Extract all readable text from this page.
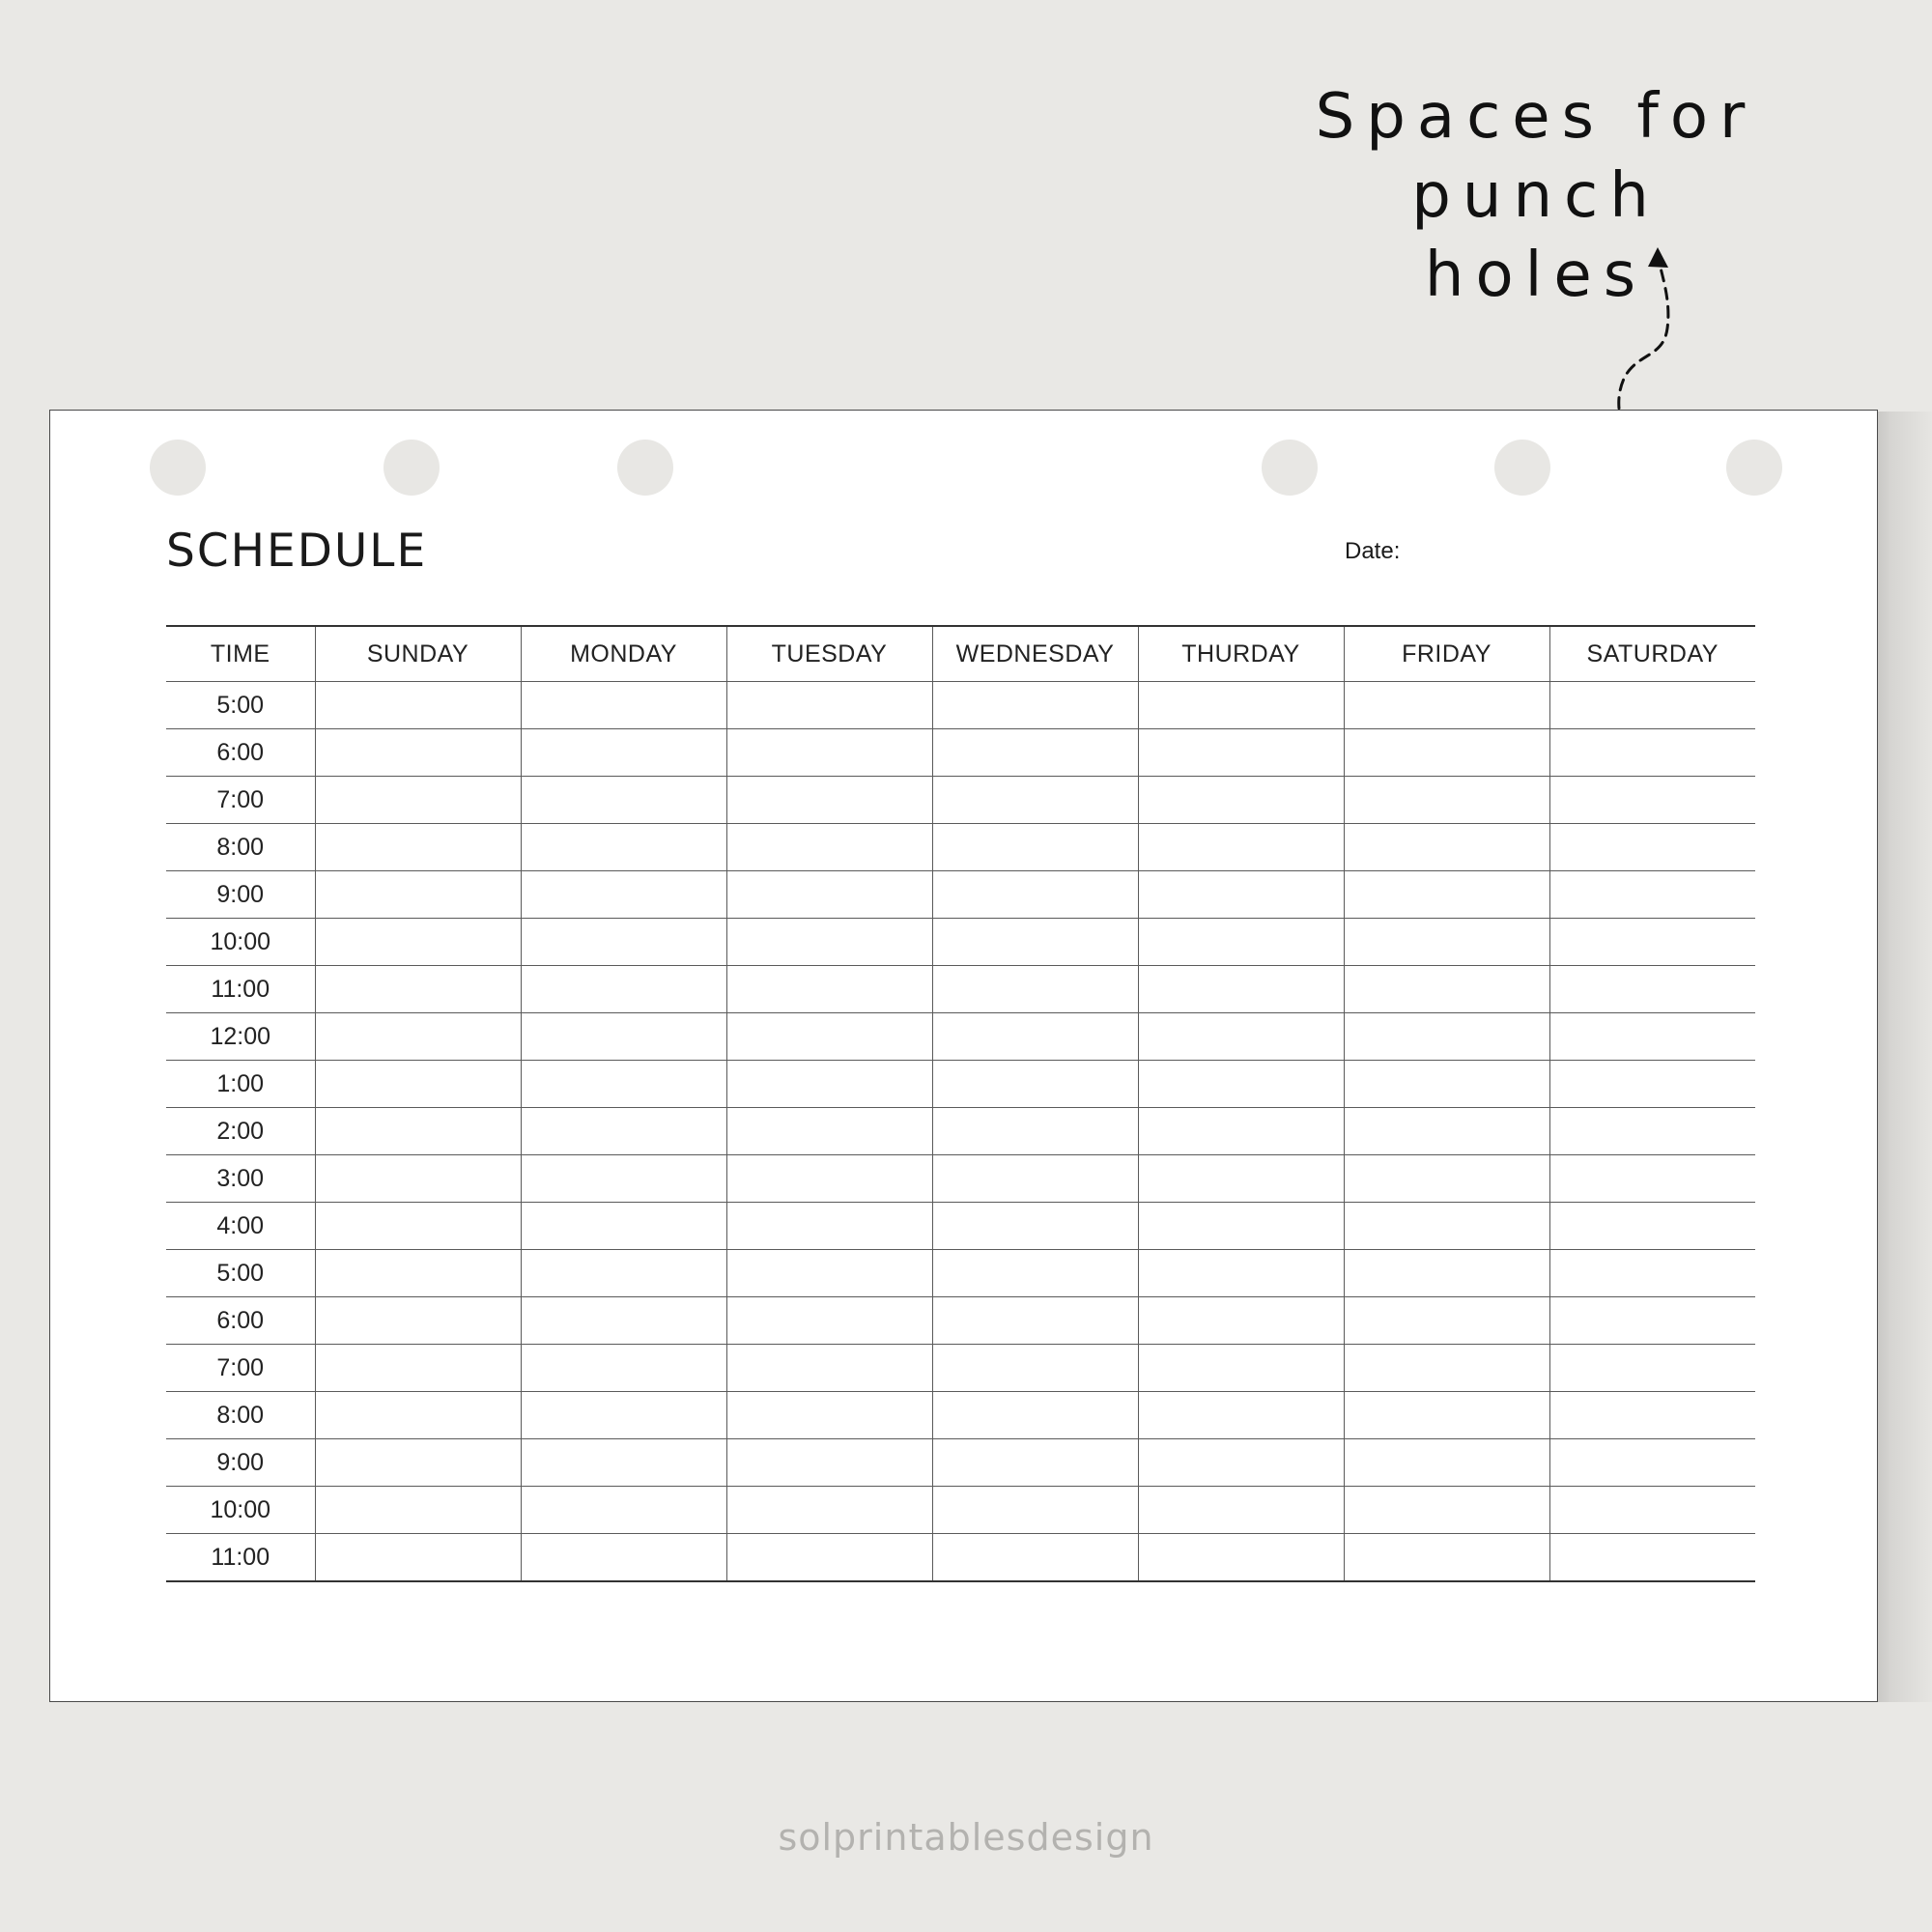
Spaces for
punch holes
SCHEDULE	Date:
TIME	SUNDAY	MONDAY	TUESDAY	WEDNESDAY	THURDAY	FRIDAY	SATURDAY
5:00							
6:00							
7:00							
8:00							
9:00							
10:00							
11:00							
12:00							
1:00							
2:00							
3:00							
4:00							
5:00							
6:00							
7:00							
8:00							
9:00							
10:00							
11:00							
solprintablesdesign
